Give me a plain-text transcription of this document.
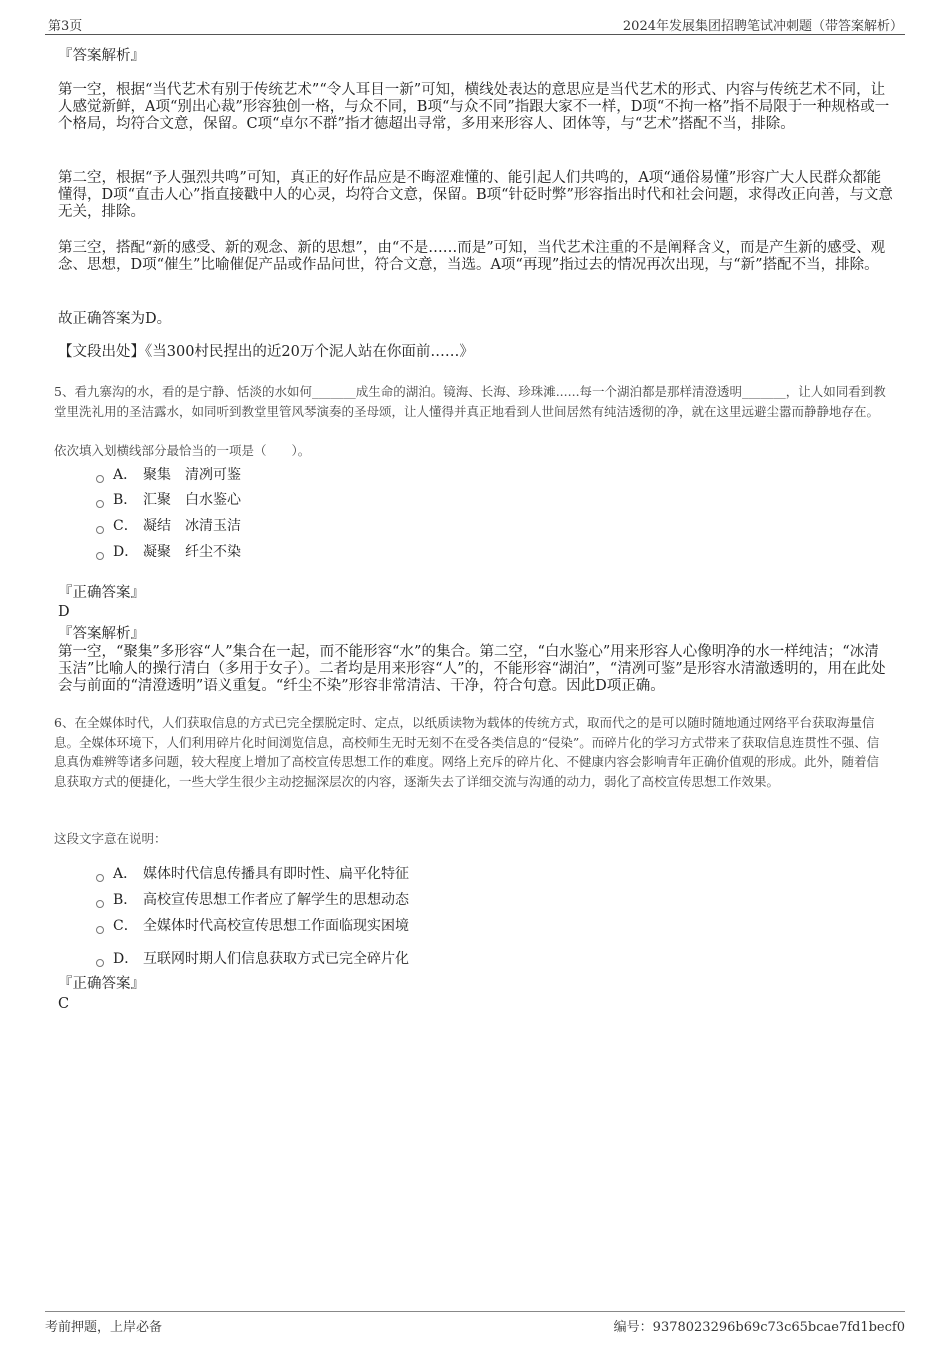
第3页	2024年发展集团招聘笔试冲刺题（带答案解析）
『答案解析』
第一空，根据“当代艺术有别于传统艺术”“令人耳目一新”可知，横线处表达的意思应是当代艺术的形式、内容与传统艺术不同，让人感觉新鲜，A项“别出心裁”形容独创一格，与众不同，B项“与众不同”指跟大家不一样，D项“不拘一格”指不局限于一种规格或一个格局，均符合文意，保留。C项“卓尔不群”指才德超出寻常，多用来形容人、团体等，与“艺术”搭配不当，排除。
第二空，根据“予人强烈共鸣”可知，真正的好作品应是不晦涩难懂的、能引起人们共鸣的，A项“通俗易懂”形容广大人民群众都能懂得，D项“直击人心”指直接戳中人的心灵，均符合文意，保留。B项“针砭时弊”形容指出时代和社会问题，求得改正向善，与文意无关，排除。
第三空，搭配“新的感受、新的观念、新的思想”，由“不是……而是”可知，当代艺术注重的不是阐释含义，而是产生新的感受、观念、思想，D项“催生”比喻催促产品或作品问世，符合文意，当选。A项“再现”指过去的情况再次出现，与“新”搭配不当，排除。
故正确答案为D。
【文段出处】《当300村民捏出的近20万个泥人站在你面前……》
5、看九寨沟的水，看的是宁静、恬淡的水如何_______成生命的湖泊。镜海、长海、珍珠滩......每一个湖泊都是那样清澄透明_______，让人如同看到教堂里洗礼用的圣洁露水，如同听到教堂里管风琴演奏的圣母颂，让人懂得并真正地看到人世间居然有纯洁透彻的净，就在这里远避尘嚣而静静地存在。
依次填入划横线部分最恰当的一项是（　　）。
A． 聚集　清冽可鉴
B． 汇聚　白水鉴心
C． 凝结　冰清玉洁
D． 凝聚　纤尘不染
『正确答案』
D
『答案解析』
第一空，“聚集”多形容“人”集合在一起，而不能形容“水”的集合。第二空，“白水鉴心”用来形容人心像明净的水一样纯洁；“冰清玉洁”比喻人的操行清白（多用于女子）。二者均是用来形容“人”的，不能形容“湖泊”，“清冽可鉴”是形容水清澈透明的，用在此处会与前面的“清澄透明”语义重复。“纤尘不染”形容非常清洁、干净，符合句意。因此D项正确。
6、在全媒体时代，人们获取信息的方式已完全摆脱定时、定点，以纸质读物为载体的传统方式，取而代之的是可以随时随地通过网络平台获取海量信息。全媒体环境下，人们利用碎片化时间浏览信息，高校师生无时无刻不在受各类信息的“侵染”。而碎片化的学习方式带来了获取信息连贯性不强、信息真伪难辨等诸多问题，较大程度上增加了高校宣传思想工作的难度。网络上充斥的碎片化、不健康内容会影响青年正确价值观的形成。此外，随着信息获取方式的便捷化，一些大学生很少主动挖掘深层次的内容，逐渐失去了详细交流与沟通的动力，弱化了高校宣传思想工作效果。
这段文字意在说明：
A． 媒体时代信息传播具有即时性、扁平化特征
B． 高校宣传思想工作者应了解学生的思想动态
C． 全媒体时代高校宣传思想工作面临现实困境
D． 互联网时期人们信息获取方式已完全碎片化
『正确答案』
C
考前押题，上岸必备	编号：9378023296b69c73c65bcae7fd1becf0
